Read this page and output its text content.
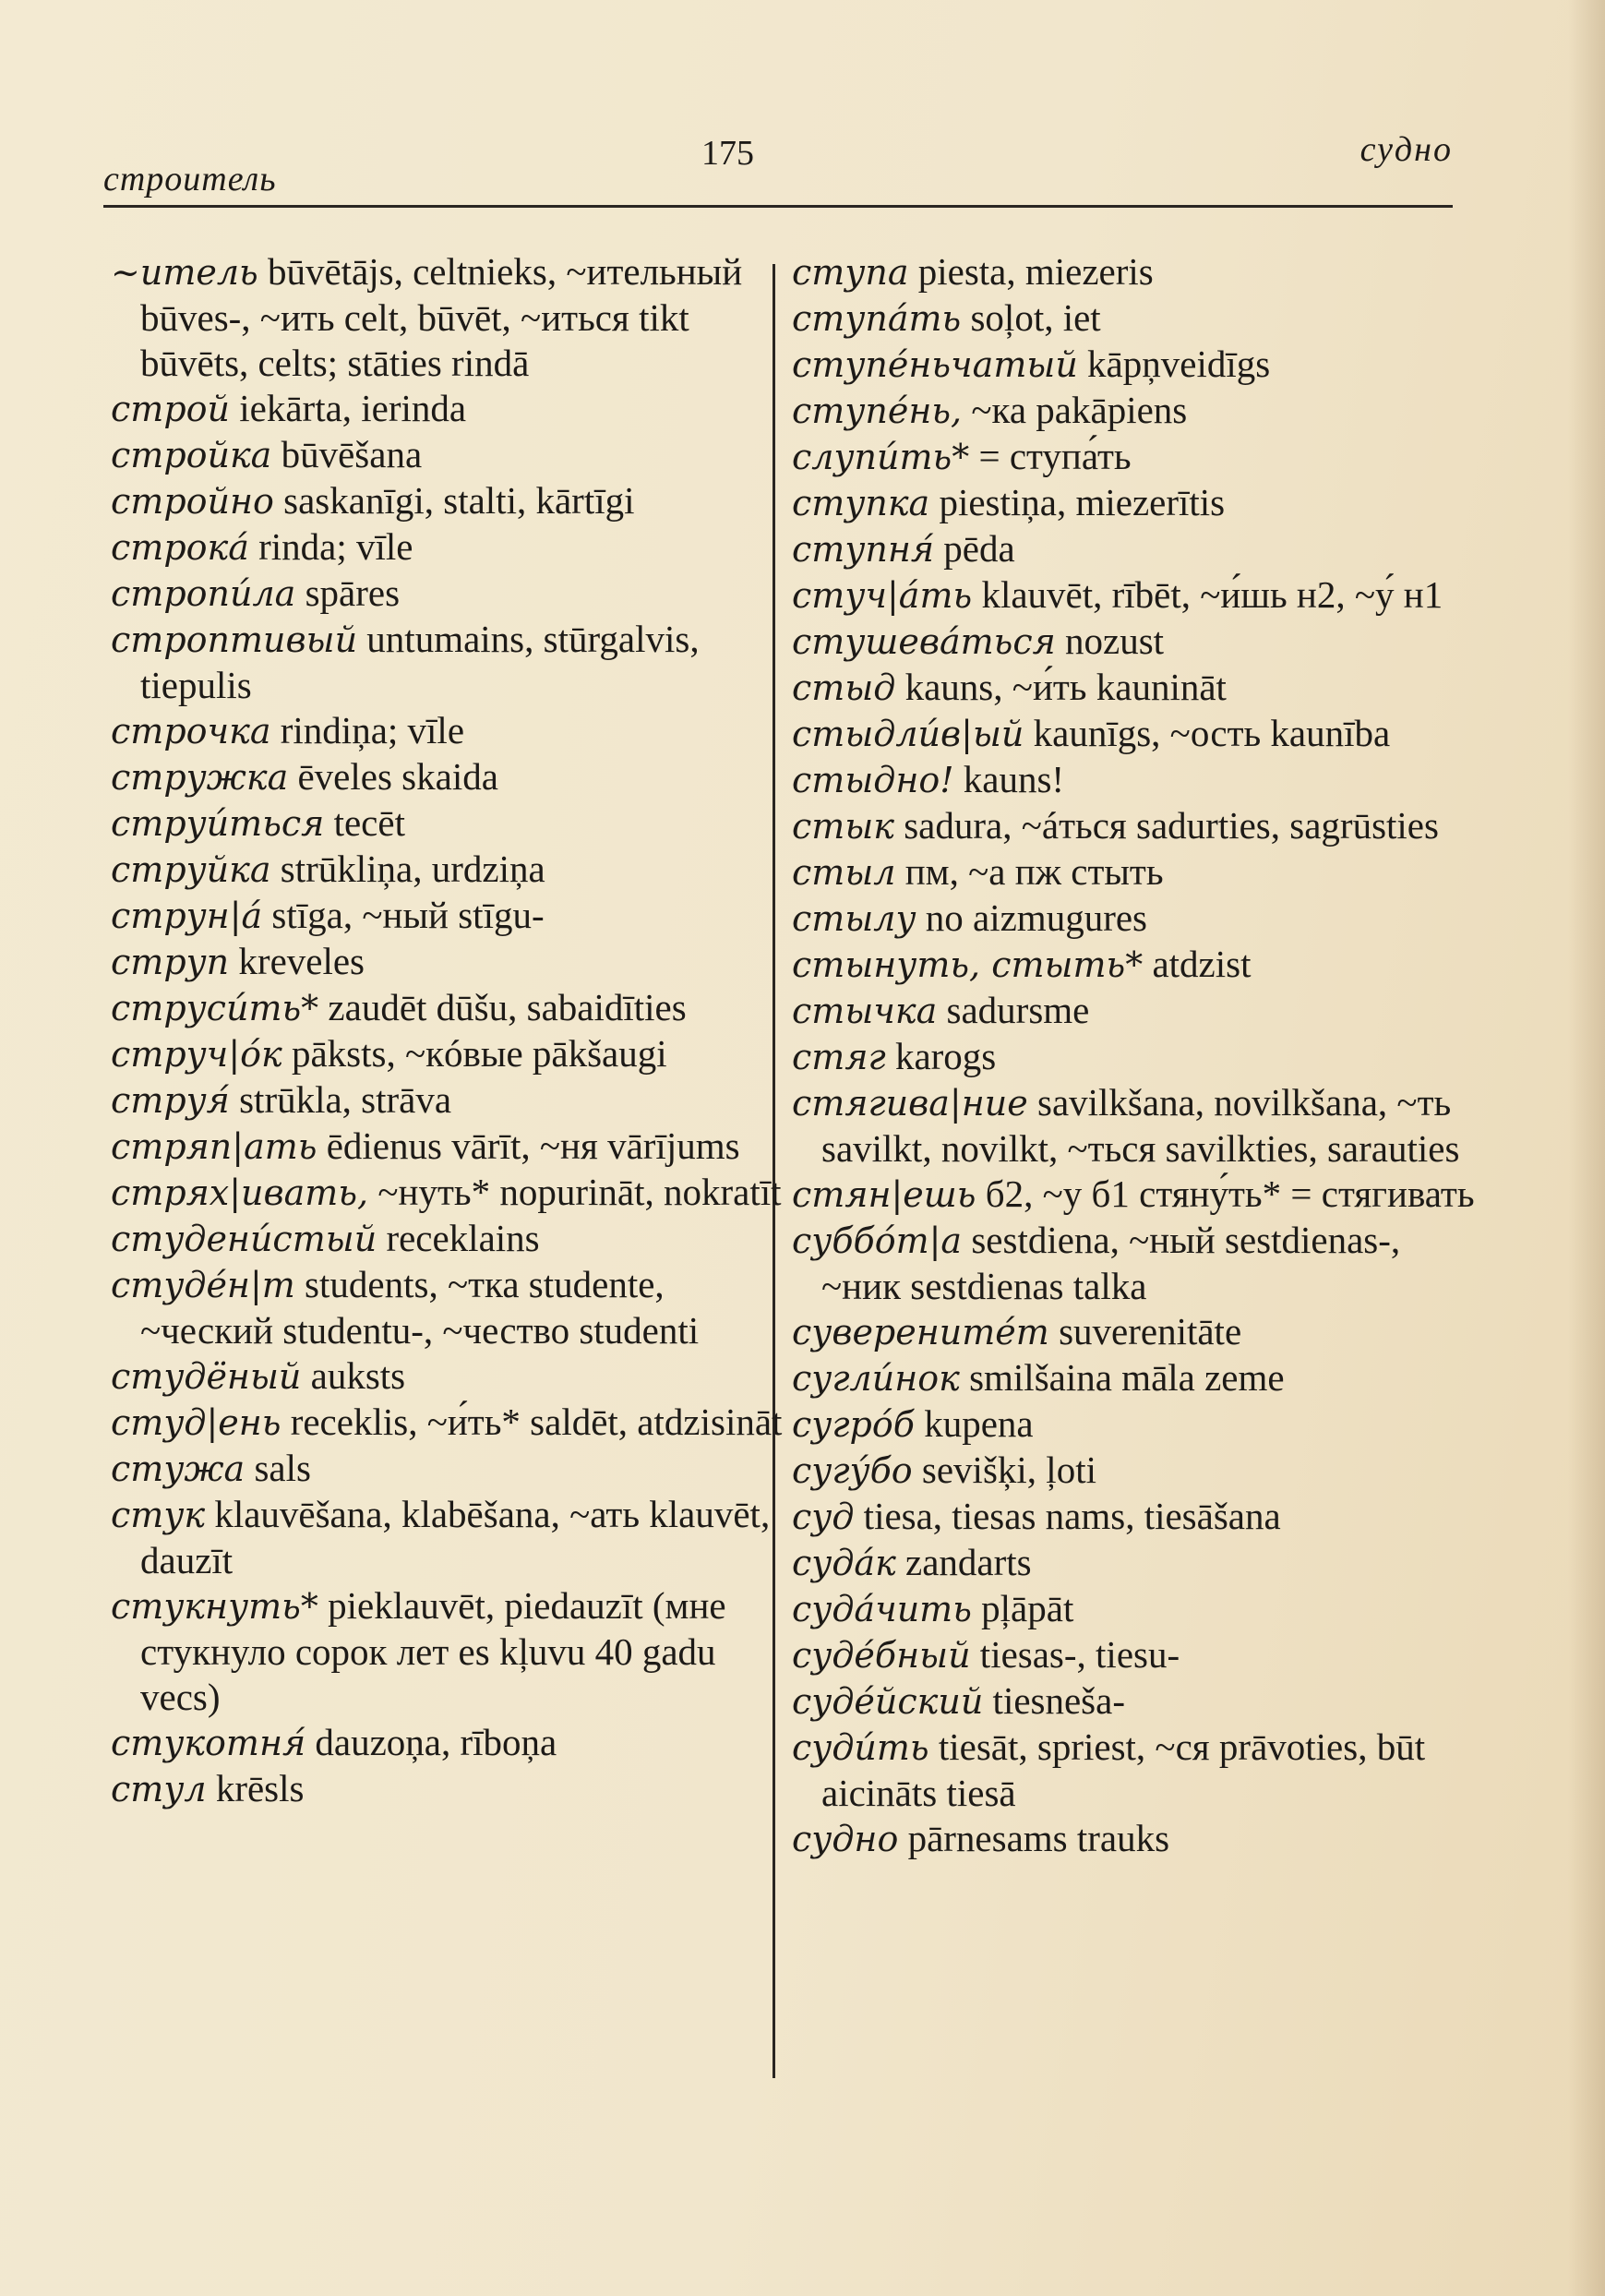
строитель
175	судно

~итель būvētājs, celtnieks, ~ительный būves-, ~ить celt, būvēt, ~иться tikt būvēts, celts; stāties rindā

строй iekārta, ierinda

стройка būvēšana

стройно saskanīgi, stalti, kārtīgi

строка́ rinda; vīle

стропи́ла spāres

строптивый untumains, stūrgalvis, tiepulis

строчка rindiņa; vīle

стружка ēveles skaida

струи́ться tecēt

струйка strūkliņa, urdziņa

струн|á stīga, ~ный stīgu-

струп kreveles

струси́ть* zaudēt dūšu, sabaidīties

струч|óк pāksts, ~кóвые pākšaugi

струя́ strūkla, strāva

стряп|ать ēdienus vārīt, ~ня vārījums

стрях|ивать, ~нуть* nopurināt, nokratīt

студени́стый receklains

студе́н|т students, ~тка studente, ~ческий studentu-, ~чество studenti

студёный auksts

студ|ень receklis, ~и́ть* saldēt, atdzisināt

стужа sals

стук klauvēšana, klabēšana, ~ать klauvēt, dauzīt

стукнуть* pieklauvēt, piedauzīt (мне стукнуло сорок лет es kļuvu 40 gadu vecs)

стукотня́ dauzoņa, rīboņa

стул krēsls

ступа piesta, miezeris

ступа́ть soļot, iet

ступе́ньчатый kāpņveidīgs

ступе́нь, ~ка pakāpiens

слупи́ть* = ступа́ть

ступка piestiņa, miezerītis

ступня́ pēda

стуч|áть klauvēt, rībēt, ~и́шь н2, ~у́ н1

стушева́ться nozust

стыд kauns, ~и́ть kaunināt

стыдли́в|ый kaunīgs, ~ость kaunība

стыдно! kauns!

стык sadura, ~áться sadurties, sagrūsties

стыл пм, ~а пж стыть

стылу no aizmugures

стынуть, стыть* atdzist

стычка sadursme

стяг karogs

стягива|ние savilkšana, novilkšana, ~ть savilkt, novilkt, ~ться savilkties, sarauties

стян|ешь б2, ~у б1 стяну́ть* = стягивать

суббóт|а sestdiena, ~ный sestdienas-, ~ник sestdienas talka

суверените́т suverenitāte

сугли́нок smilšaina māla zeme

сугрóб kupena

сугу́бо sevišķi, ļoti

суд tiesa, tiesas nams, tiesāšana

суда́к zandarts

суда́чить pļāpāt

суде́бный tiesas-, tiesu-

суде́йский tiesneša-

суди́ть tiesāt, spriest, ~ся prāvoties, būt aicināts tiesā

судно pārnesams trauks
